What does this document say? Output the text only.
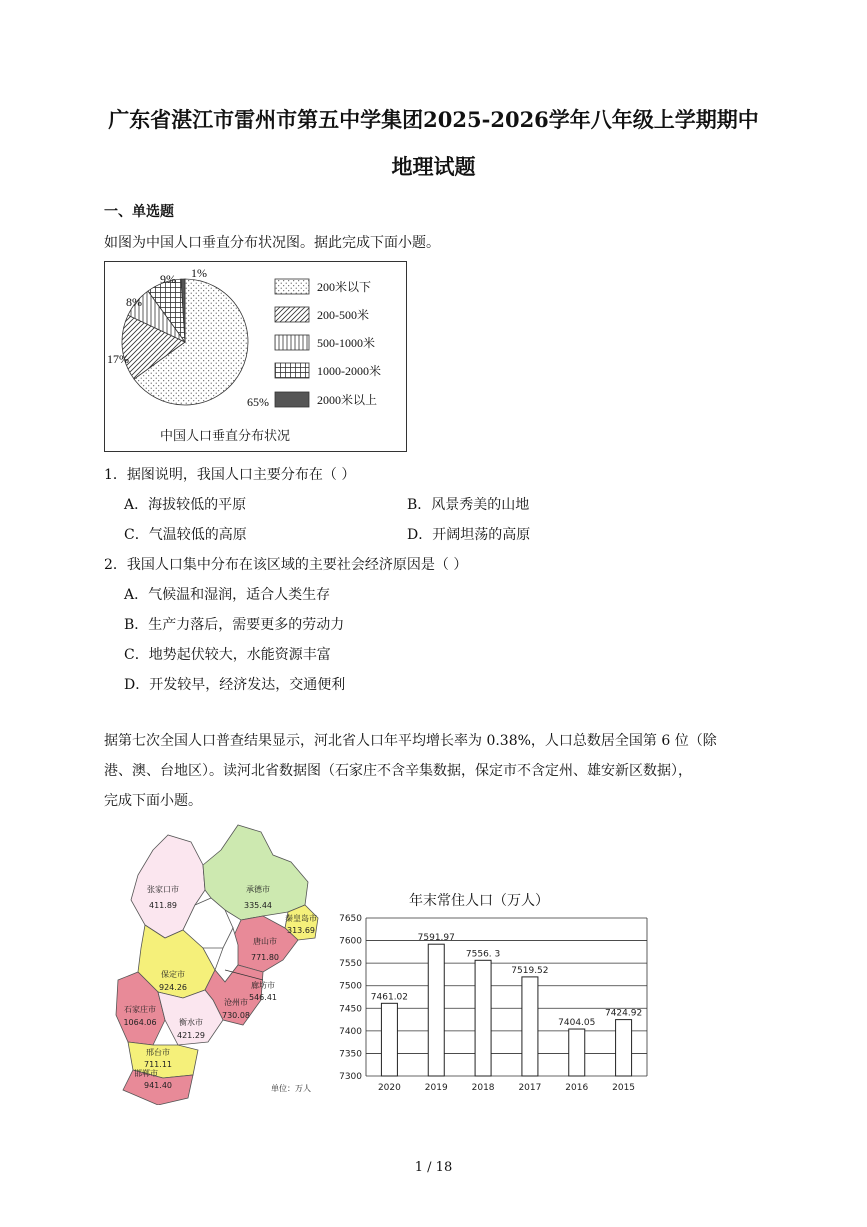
广东省湛江市雷州市第五中学集团2025-2026学年八年级上学期期中
地理试题
一、单选题
如图为中国人口垂直分布状况图。据此完成下面小题。
65%
17%
8%
9% 1%
200米以下
200-500米
500-1000米
1000-2000米
2000米以上
中国人口垂直分布状况
1．据图说明，我国人口主要分布在（ ）
A．海拔较低的平原	B．风景秀美的山地
C．气温较低的高原	D．开阔坦荡的高原
2．我国人口集中分布在该区域的主要社会经济原因是（ ）
A．气候温和湿润，适合人类生存
B．生产力落后，需要更多的劳动力
C．地势起伏较大，水能资源丰富
D．开发较早，经济发达，交通便利
据第七次全国人口普查结果显示，河北省人口年平均增长率为 0.38%，人口总数居全国第 6 位（除
港、澳、台地区）。读河北省数据图（石家庄不含辛集数据，保定市不含定州、雄安新区数据），
完成下面小题。
张家口市
411.89
承德市
335.44
秦皇岛市
313.69
唐山市
771.80
保定市
924.26	廊坊市
546.41
石家庄市
1064.06
沧州市
730.08
衡水市
421.29
邢台市
711.11
邯郸市
941.40	单位：万人
年末常住人口（万人）
7300
7350
7400
7450
7500
7550
7600
7650
7461.02
2020
7591.97
2019
7556. 3
2018
7519.52
2017
7404.05
2016
7424.92
2015
1 / 18
